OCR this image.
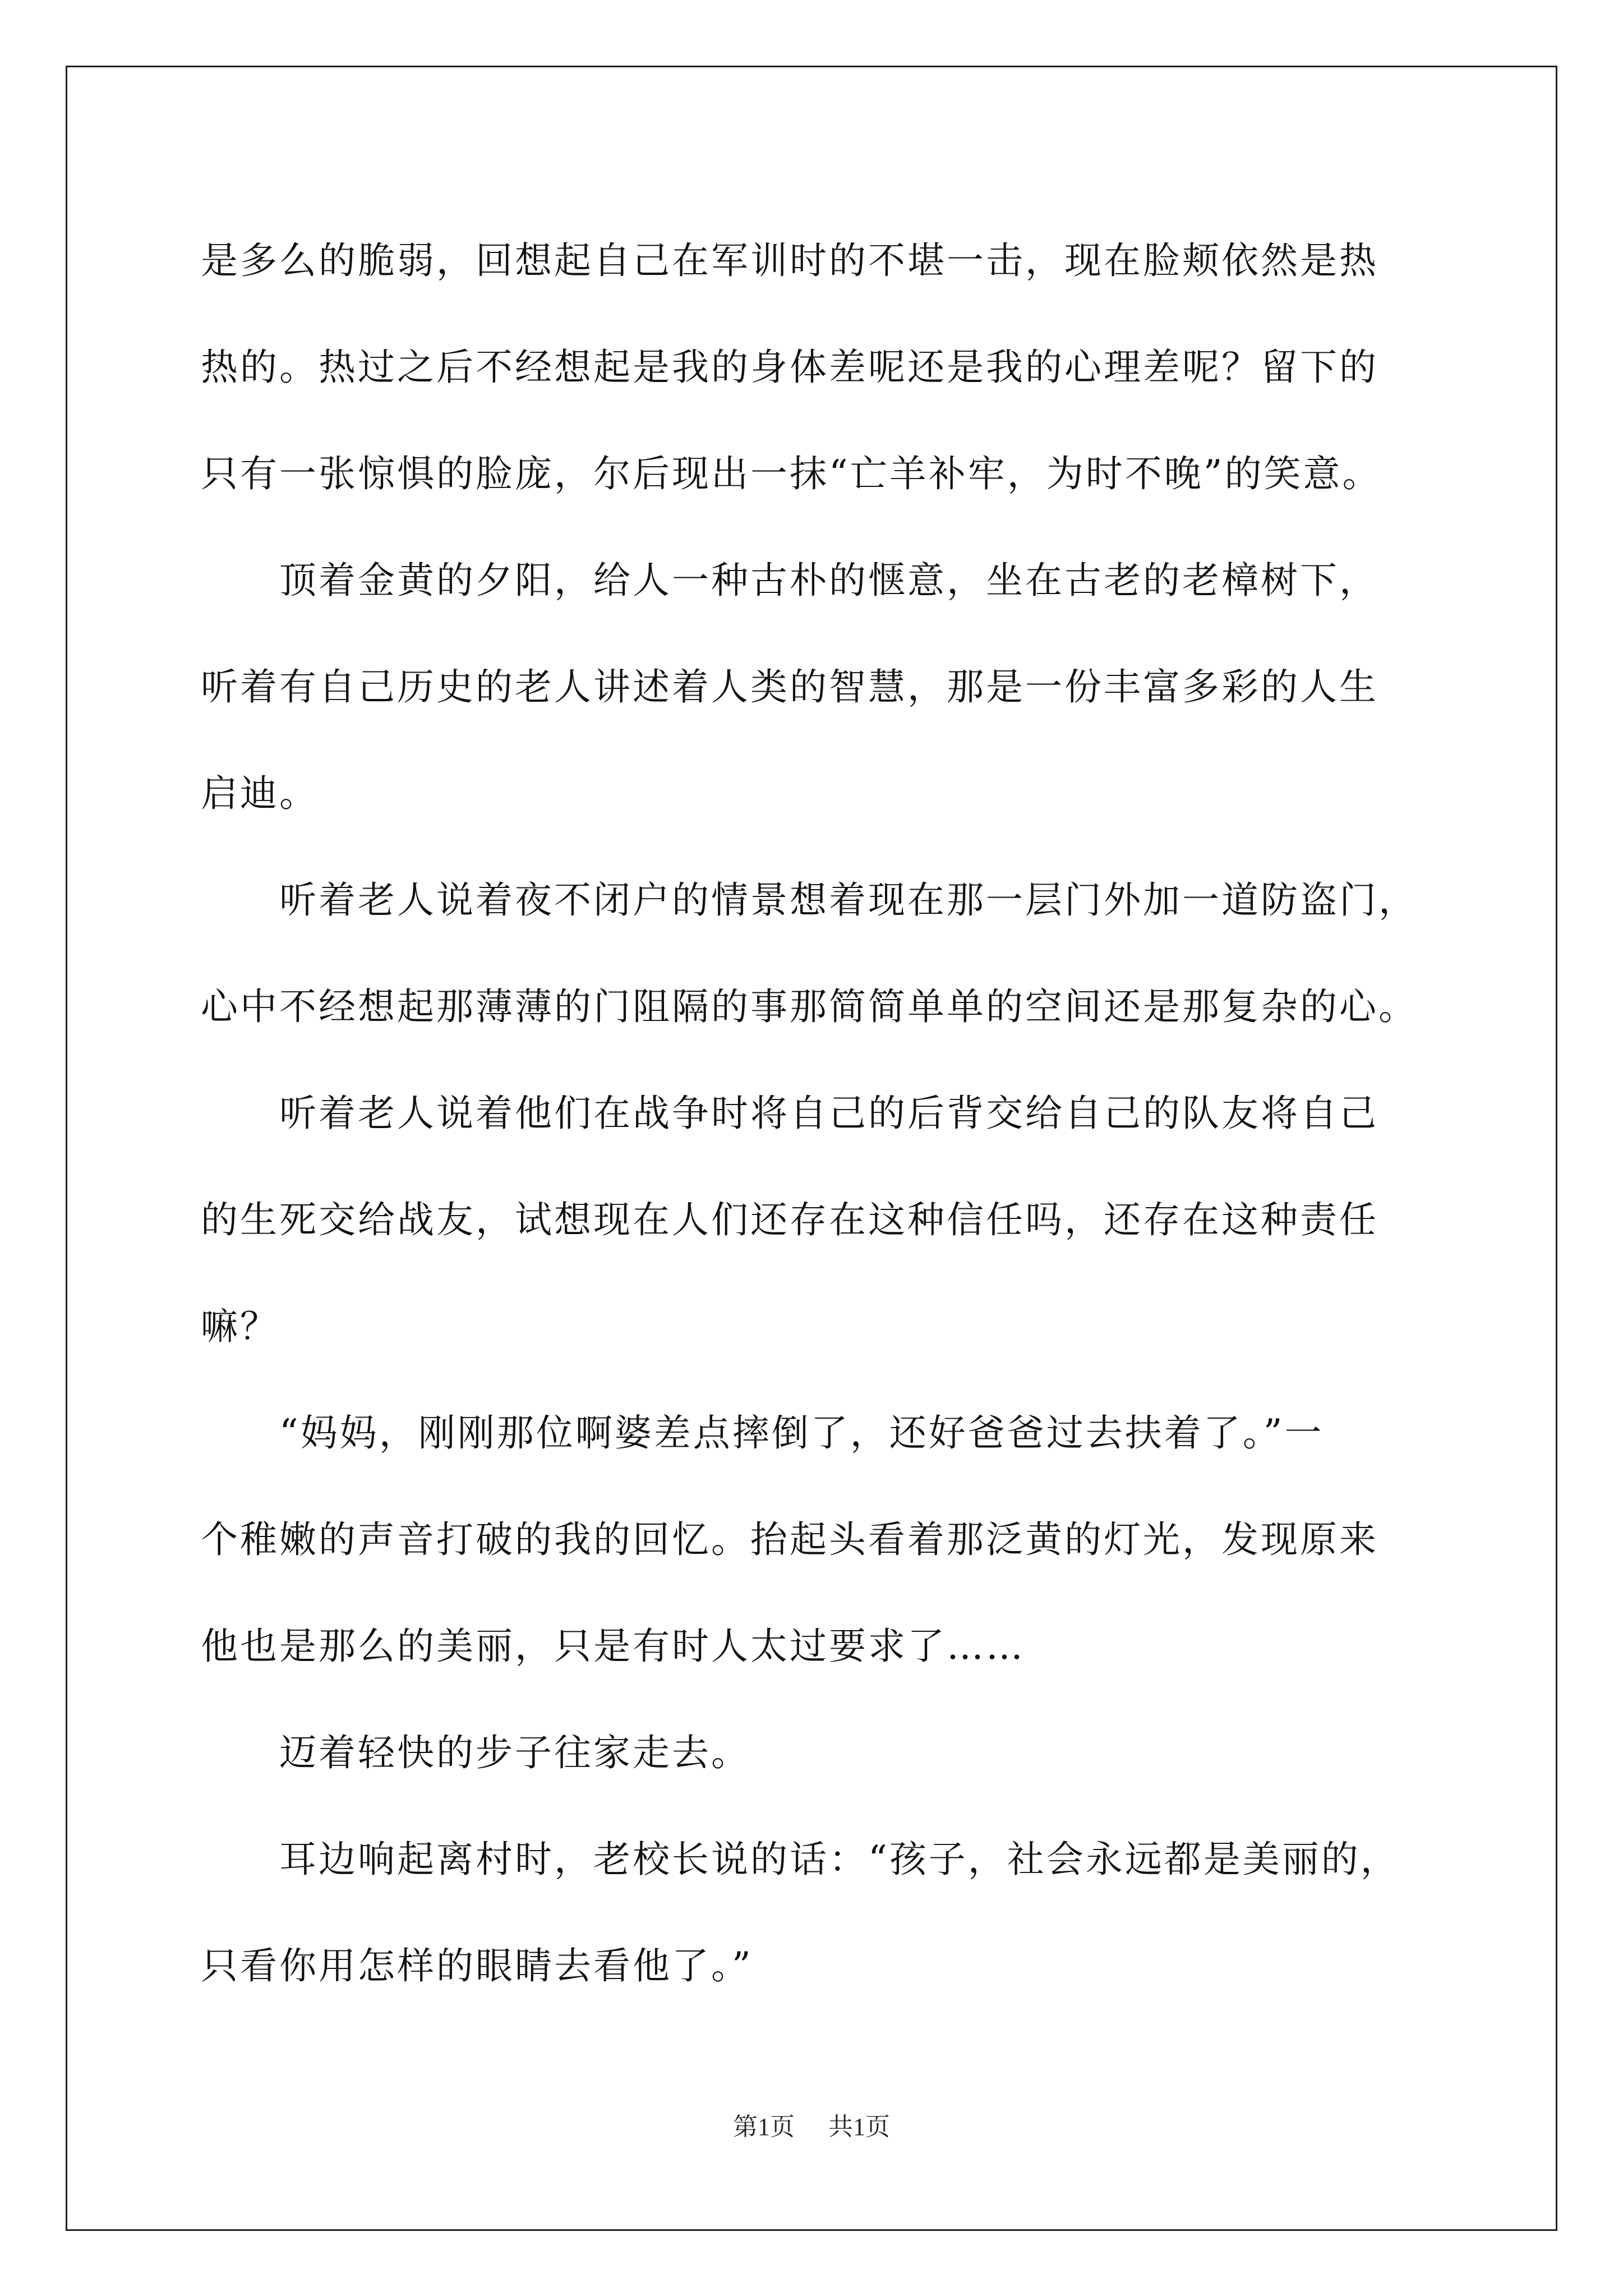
是多么的脆弱，回想起自己在军训时的不堪一击，现在脸颊依然是热
热的。热过之后不经想起是我的身体差呢还是我的心理差呢？留下的
只有一张惊惧的脸庞，尔后现出一抹“亡羊补牢，为时不晚”的笑意。
顶着金黄的夕阳，给人一种古朴的惬意，坐在古老的老樟树下，
听着有自己历史的老人讲述着人类的智慧，那是一份丰富多彩的人生
启迪。
听着老人说着夜不闭户的情景想着现在那一层门外加一道防盗门，
心中不经想起那薄薄的门阻隔的事那简简单单的空间还是那复杂的心。
听着老人说着他们在战争时将自己的后背交给自己的队友将自己
的生死交给战友，试想现在人们还存在这种信任吗，还存在这种责任
嘛？
“妈妈，刚刚那位啊婆差点摔倒了，还好爸爸过去扶着了。”一
个稚嫩的声音打破的我的回忆。抬起头看着那泛黄的灯光，发现原来
他也是那么的美丽，只是有时人太过要求了……
迈着轻快的步子往家走去。
耳边响起离村时，老校长说的话：“孩子，社会永远都是美丽的，
只看你用怎样的眼睛去看他了。”
第1页 共1页
